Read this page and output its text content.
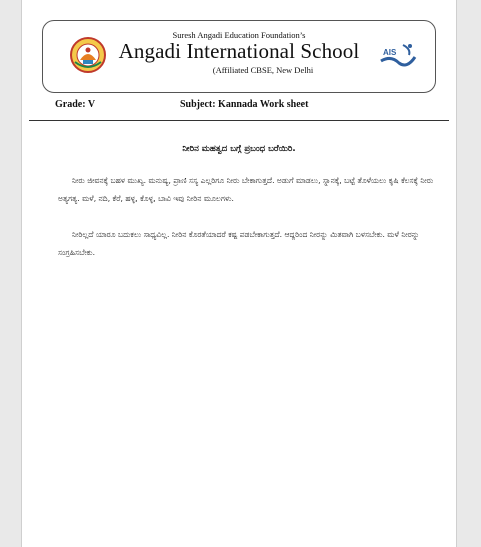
Suresh Angadi Education Foundation’s
Angadi International School
(Affiliated CBSE, New Delhi
AIS
Grade: V	Subject: Kannada Work sheet
ನೀರಿನ ಮಹತ್ವದ ಬಗ್ಗೆ ಪ್ರಬಂಧ ಬರೆಯಿರಿ.

ನೀರು ಜೀವನಕ್ಕೆ ಬಹಳ ಮುಖ್ಯ. ಮನುಷ್ಯ, ಪ್ರಾಣಿ ಸಸ್ಯ ಎಲ್ಲರಿಗೂ ನೀರು ಬೇಕಾಗುತ್ತದೆ. ಅಡುಗೆ ಮಾಡಲು, ಸ್ನಾನಕ್ಕೆ, ಬಟ್ಟೆ ತೊಳೆಯಲು ಕೃಷಿ ಕೆಲಸಕ್ಕೆ ನೀರು ಅತ್ಯಗತ್ಯ. ಮಳೆ, ನದಿ, ಕೆರೆ, ಹಳ್ಳ, ಕೊಳ್ಳ, ಬಾವಿ ಇವು ನೀರಿನ ಮೂಲಗಳು.

ನೀರಿಲ್ಲದೆ ಯಾರೂ ಬದುಕಲು ಸಾಧ್ಯವಿಲ್ಲ. ನೀರಿನ ಕೊರತೆಯಾದರೆ ಕಷ್ಟ ಪಡಬೇಕಾಗುತ್ತದೆ. ಆದ್ದರಿಂದ ನೀರನ್ನು ಮಿತವಾಗಿ ಬಳಸಬೇಕು. ಮಳೆ ನೀರನ್ನು ಸಂಗ್ರಹಿಸಬೇಕು.
